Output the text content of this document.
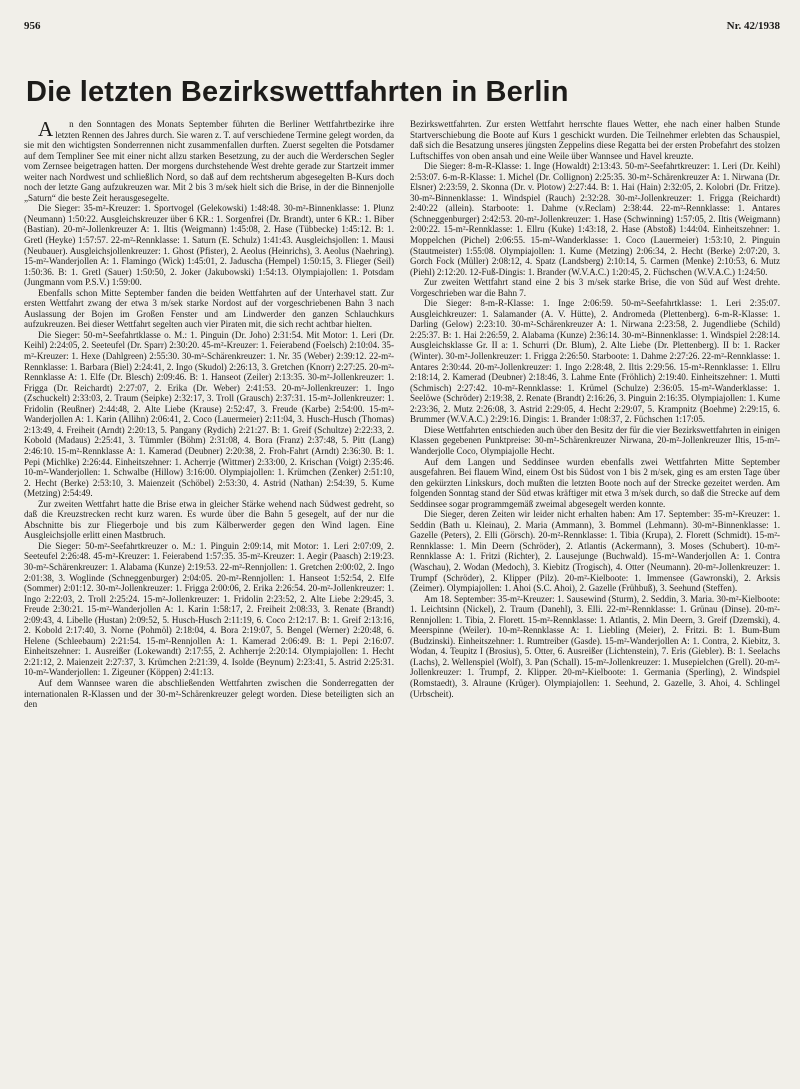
956	Nr. 42/1938
Die letzten Bezirkswettfahrten in Berlin

An den Sonntagen des Monats September führten die Berliner Wettfahrtbezirke ihre letzten Rennen des Jahres durch. Sie waren z. T. auf verschiedene Termine gelegt worden, da sie mit den wichtigsten Sonderrennen nicht zusammenfallen durften. Zuerst segelten die Potsdamer auf dem Templiner See mit einer nicht allzu starken Besetzung, zu der auch die Werderschen Segler vom Zernsee beigetragen hatten. Der morgens durchstehende West drehte gerade zur Startzeit immer weiter nach Nordwest und schließlich Nord, so daß auf dem rechtsherum abgesegelten B-Kurs doch noch der letzte Gang aufzukreuzen war. Mit 2 bis 3 m/sek hielt sich die Brise, in der die Binnenjolle „Saturn“ die beste Zeit herausgesegelte.

Die Sieger: 35-m²-Kreuzer: 1. Sportvogel (Gelekowski) 1:48:48. 30-m²-Binnenklasse: 1. Plunz (Neumann) 1:50:22. Ausgleichskreuzer über 6 KR.: 1. Sorgenfrei (Dr. Brandt), unter 6 KR.: 1. Biber (Bastian). 20-m²-Jollenkreuzer A: 1. Iltis (Weigmann) 1:45:08, 2. Hase (Tübbecke) 1:45:12. B: 1. Gretl (Heyke) 1:57:57. 22-m²-Rennklasse: 1. Saturn (E. Schulz) 1:41:43. Ausgleichsjollen: 1. Mausi (Neubauer). Ausgleichsjollenkreuzer: 1. Ghost (Pfister), 2. Aeolus (Heinrichs), 3. Aeolus (Naehring). 15-m²-Wanderjollen A: 1. Flamingo (Wick) 1:45:01, 2. Jaduscha (Hempel) 1:50:15, 3. Flieger (Seil) 1:50:36. B: 1. Gretl (Sauer) 1:50:50, 2. Joker (Jakubowski) 1:54:13. Olympiajollen: 1. Potsdam (Jungmann vom P.S.V.) 1:59:00.

Ebenfalls schon Mitte September fanden die beiden Wettfahrten auf der Unterhavel statt. Zur ersten Wettfahrt zwang der etwa 3 m/sek starke Nordost auf der vorgeschriebenen Bahn 3 nach Auslassung der Bojen im Großen Fenster und am Lindwerder den ganzen Schlauchkurs aufzukreuzen. Bei dieser Wettfahrt segelten auch vier Piraten mit, die sich recht achtbar hielten.

Die Sieger: 50-m²-Seefahrtklasse o. M.: 1. Pinguin (Dr. Joho) 2:31:54. Mit Motor: 1. Leri (Dr. Keihl) 2:24:05, 2. Seeteufel (Dr. Sparr) 2:30:20. 45-m²-Kreuzer: 1. Feierabend (Foelsch) 2:10:04. 35-m²-Kreuzer: 1. Hexe (Dahlgreen) 2:55:30. 30-m²-Schärenkreuzer: 1. Nr. 35 (Weber) 2:39:12. 22-m²-Rennklasse: 1. Barbara (Biel) 2:24:41, 2. Ingo (Skudol) 2:26:13, 3. Gretchen (Knorr) 2:27:25. 20-m²-Rennklasse A: 1. Elfe (Dr. Blesch) 2:09:46. B: 1. Hanseot (Zeiler) 2:13:35. 30-m²-Jollenkreuzer: 1. Frigga (Dr. Reichardt) 2:27:07, 2. Erika (Dr. Weber) 2:41:53. 20-m²-Jollenkreuzer: 1. Ingo (Zschuckelt) 2:33:03, 2. Traum (Seipke) 2:32:17, 3. Troll (Grausch) 2:37:31. 15-m²-Jollenkreuzer: 1. Fridolin (Reußner) 2:44:48, 2. Alte Liebe (Krause) 2:52:47, 3. Freude (Karbe) 2:54:00. 15-m²-Wanderjollen A: 1. Karin (Allihn) 2:06:41, 2. Coco (Lauermeier) 2:11:04, 3. Husch-Husch (Thomas) 2:13:49, 4. Freiheit (Arndt) 2:20:13, 5. Pangany (Rydich) 2:21:27. B: 1. Greif (Schultze) 2:22:33, 2. Kobold (Madaus) 2:25:41, 3. Tümmler (Böhm) 2:31:08, 4. Bora (Franz) 2:37:48, 5. Pitt (Lang) 2:46:10. 15-m²-Rennklasse A: 1. Kamerad (Deubner) 2:20:38, 2. Froh-Fahrt (Arndt) 2:36:30. B: 1. Pepi (Michlke) 2:26:44. Einheitszehner: 1. Acherrje (Wittmer) 2:33:00, 2. Krischan (Voigt) 2:35:46. 10-m²-Wanderjollen: 1. Schwalbe (Hillow) 3:16:00. Olympiajollen: 1. Krümchen (Zenker) 2:51:10, 2. Hecht (Berke) 2:53:10, 3. Maienzeit (Schöbel) 2:53:30, 4. Astrid (Nathan) 2:54:39, 5. Kume (Metzing) 2:54:49.

Zur zweiten Wettfahrt hatte die Brise etwa in gleicher Stärke wehend nach Südwest gedreht, so daß die Kreuzstrecken recht kurz waren. Es wurde über die Bahn 5 gesegelt, auf der nur die Abschnitte bis zur Fliegerboje und bis zum Kälberwerder gegen den Wind lagen. Eine Ausgleichsjolle erlitt einen Mastbruch.

Die Sieger: 50-m²-Seefahrtkreuzer o. M.: 1. Pinguin 2:09:14, mit Motor: 1. Leri 2:07:09, 2. Seeteufel 2:26:48. 45-m²-Kreuzer: 1. Feierabend 1:57:35. 35-m²-Kreuzer: 1. Aegir (Paasch) 2:19:23. 30-m²-Schärenkreuzer: 1. Alabama (Kunze) 2:19:53. 22-m²-Rennjollen: 1. Gretchen 2:00:02, 2. Ingo 2:01:38, 3. Woglinde (Schneggenburger) 2:04:05. 20-m²-Rennjollen: 1. Hanseot 1:52:54, 2. Elfe (Sommer) 2:01:12. 30-m²-Jollenkreuzer: 1. Frigga 2:00:06, 2. Erika 2:26:54. 20-m²-Jollenkreuzer: 1. Ingo 2:22:03, 2. Troll 2:25:24. 15-m²-Jollenkreuzer: 1. Fridolin 2:23:52, 2. Alte Liebe 2:29:45, 3. Freude 2:30:21. 15-m²-Wanderjollen A: 1. Karin 1:58:17, 2. Freiheit 2:08:33, 3. Renate (Brandt) 2:09:43, 4. Libelle (Hustan) 2:09:52, 5. Husch-Husch 2:11:19, 6. Coco 2:12:17. B: 1. Greif 2:13:16, 2. Kobold 2:17:40, 3. Norne (Pohmöl) 2:18:04, 4. Bora 2:19:07, 5. Bengel (Werner) 2:20:48, 6. Helene (Schleebaum) 2:21:54. 15-m²-Rennjollen A: 1. Kamerad 2:06:49. B: 1. Pepi 2:16:07. Einheitszehner: 1. Ausreißer (Lokewandt) 2:17:55, 2. Achherrje 2:20:14. Olympiajollen: 1. Hecht 2:21:12, 2. Maienzeit 2:27:37, 3. Krümchen 2:21:39, 4. Isolde (Beynum) 2:23:41, 5. Astrid 2:25:31. 10-m²-Wanderjollen: 1. Zigeuner (Köppen) 2:41:13.

Auf dem Wannsee waren die abschließenden Wettfahrten zwischen die Sonderregatten der internationalen R-Klassen und der 30-m²-Schärenkreuzer gelegt worden. Diese beteiligten sich an den

Bezirkswettfahrten. Zur ersten Wettfahrt herrschte flaues Wetter, ehe nach einer halben Stunde Startverschiebung die Boote auf Kurs 1 geschickt wurden. Die Teilnehmer erlebten das Schauspiel, daß sich die Besatzung unseres jüngsten Zeppelins diese Regatta bei der ersten Probefahrt des stolzen Luftschiffes von oben ansah und eine Weile über Wannsee und Havel kreuzte.

Die Sieger: 8-m-R-Klasse: 1. Inge (Howaldt) 2:13:43. 50-m²-Seefahrtkreuzer: 1. Leri (Dr. Keihl) 2:53:07. 6-m-R-Klasse: 1. Michel (Dr. Collignon) 2:25:35. 30-m²-Schärenkreuzer A: 1. Nirwana (Dr. Elsner) 2:23:59, 2. Skonna (Dr. v. Plotow) 2:27:44. B: 1. Hai (Hain) 2:32:05, 2. Kolobri (Dr. Fritze). 30-m²-Binnenklasse: 1. Windspiel (Rauch) 2:32:28. 30-m²-Jollenkreuzer: 1. Frigga (Reichardt) 2:40:22 (allein). Starboote: 1. Dahme (v.Reclam) 2:38:44. 22-m²-Rennklasse: 1. Antares (Schneggenburger) 2:42:53. 20-m²-Jollenkreuzer: 1. Hase (Schwinning) 1:57:05, 2. Iltis (Weigmann) 2:00:22. 15-m²-Rennklasse: 1. Ellru (Kuke) 1:43:18, 2. Hase (Abstoß) 1:44:04. Einheitszehner: 1. Moppelchen (Pichel) 2:06:55. 15-m²-Wanderklasse: 1. Coco (Lauermeier) 1:53:10, 2. Pinguin (Stautmeister) 1:55:08. Olympiajollen: 1. Kume (Metzing) 2:06:34, 2. Hecht (Berke) 2:07:20, 3. Gorch Fock (Müller) 2:08:12, 4. Spatz (Landsberg) 2:10:14, 5. Carmen (Menke) 2:10:53, 6. Mutz (Piehl) 2:12:20. 12-Fuß-Dingis: 1. Brander (W.V.A.C.) 1:20:45, 2. Füchschen (W.V.A.C.) 1:24:50.

Zur zweiten Wettfahrt stand eine 2 bis 3 m/sek starke Brise, die von Süd auf West drehte. Vorgeschrieben war die Bahn 7.

Die Sieger: 8-m-R-Klasse: 1. Inge 2:06:59. 50-m²-Seefahrtklasse: 1. Leri 2:35:07. Ausgleichkreuzer: 1. Salamander (A. V. Hütte), 2. Andromeda (Plettenberg). 6-m-R-Klasse: 1. Darling (Gelow) 2:23:10. 30-m²-Schärenkreuzer A: 1. Nirwana 2:23:58, 2. Jugendliebe (Schild) 2:25:37. B: 1. Hai 2:26:59, 2. Alabama (Kunze) 2:36:14. 30-m²-Binnenklasse: 1. Windspiel 2:28:14. Ausgleichsklasse Gr. II a: 1. Schurri (Dr. Blum), 2. Alte Liebe (Dr. Plettenberg). II b: 1. Racker (Winter). 30-m²-Jollenkreuzer: 1. Frigga 2:26:50. Starboote: 1. Dahme 2:27:26. 22-m²-Rennklasse: 1. Antares 2:30:44. 20-m²-Jollenkreuzer: 1. Ingo 2:28:48, 2. Iltis 2:29:56. 15-m²-Rennklasse: 1. Ellru 2:18:14, 2. Kamerad (Deubner) 2:18:46, 3. Lahme Ente (Fröhlich) 2:19:40. Einheitszehner: 1. Mutti (Schmisch) 2:27:42. 10-m²-Rennklasse: 1. Krümel (Schulze) 2:36:05. 15-m²-Wanderklasse: 1. Seelöwe (Schröder) 2:19:38, 2. Renate (Brandt) 2:16:26, 3. Pinguin 2:16:35. Olympiajollen: 1. Kume 2:23:36, 2. Mutz 2:26:08, 3. Astrid 2:29:05, 4. Hecht 2:29:07, 5. Krampnitz (Boehme) 2:29:15, 6. Brummer (W.V.A.C.) 2:29:16. Dingis: 1. Brander 1:08:37, 2. Füchschen 1:17:05.

Diese Wettfahrten entschieden auch über den Besitz der für die vier Bezirkswettfahrten in einigen Klassen gegebenen Punktpreise: 30-m²-Schärenkreuzer Nirwana, 20-m²-Jollenkreuzer Iltis, 15-m²-Wanderjolle Coco, Olympiajolle Hecht.

Auf dem Langen und Seddinsee wurden ebenfalls zwei Wettfahrten Mitte September ausgefahren. Bei flauem Wind, einem Ost bis Südost von 1 bis 2 m/sek, ging es am ersten Tage über den gekürzten Linkskurs, doch mußten die letzten Boote noch auf der Strecke gezeitet werden. Am folgenden Sonntag stand der Süd etwas kräftiger mit etwa 3 m/sek durch, so daß die Strecke auf dem Seddinsee sogar programmgemäß zweimal abgesegelt werden konnte.

Die Sieger, deren Zeiten wir leider nicht erhalten haben: Am 17. September: 35-m²-Kreuzer: 1. Seddin (Bath u. Kleinau), 2. Maria (Ammann), 3. Bommel (Lehmann). 30-m²-Binnenklasse: 1. Gazelle (Peters), 2. Elli (Görsch). 20-m²-Rennklasse: 1. Tibia (Krupa), 2. Florett (Schmidt). 15-m²-Rennklasse: 1. Min Deern (Schröder), 2. Atlantis (Ackermann), 3. Moses (Schubert). 10-m²-Rennklasse A: 1. Fritzi (Richter), 2. Lausejunge (Buchwald). 15-m²-Wanderjollen A: 1. Contra (Waschau), 2. Wodan (Medoch), 3. Kiebitz (Trogisch), 4. Otter (Neumann). 20-m²-Jollenkreuzer: 1. Trumpf (Schröder), 2. Klipper (Pilz). 20-m²-Kielboote: 1. Immensee (Gawronski), 2. Arksis (Zeimer). Olympiajollen: 1. Ahoi (S.C. Ahoi), 2. Gazelle (Frühbuß), 3. Seehund (Steffen).

Am 18. September: 35-m²-Kreuzer: 1. Sausewind (Sturm), 2. Seddin, 3. Maria. 30-m²-Kielboote: 1. Leichtsinn (Nickel), 2. Traum (Danehl), 3. Elli. 22-m²-Rennklasse: 1. Grünau (Dinse). 20-m²-Rennjollen: 1. Tibia, 2. Florett. 15-m²-Rennklasse: 1. Atlantis, 2. Min Deern, 3. Greif (Dzemski), 4. Meerspinne (Weiler). 10-m²-Rennklasse A: 1. Liebling (Meier), 2. Fritzi. B: 1. Bum-Bum (Budzinski). Einheitszehner: 1. Rumtreiber (Gasde). 15-m²-Wanderjollen A: 1. Contra, 2. Kiebitz, 3. Wodan, 4. Teupitz I (Brosius), 5. Otter, 6. Ausreißer (Lichtenstein), 7. Eris (Giebler). B: 1. Seelachs (Lachs), 2. Wellenspiel (Wolf), 3. Pan (Schall). 15-m²-Jollenkreuzer: 1. Musepielchen (Grell). 20-m²-Jollenkreuzer: 1. Trumpf, 2. Klipper. 20-m²-Kielboote: 1. Germania (Sperling), 2. Windspiel (Romstaedt), 3. Alraune (Krüger). Olympiajollen: 1. Seehund, 2. Gazelle, 3. Ahoi, 4. Schlingel (Urbscheit).
